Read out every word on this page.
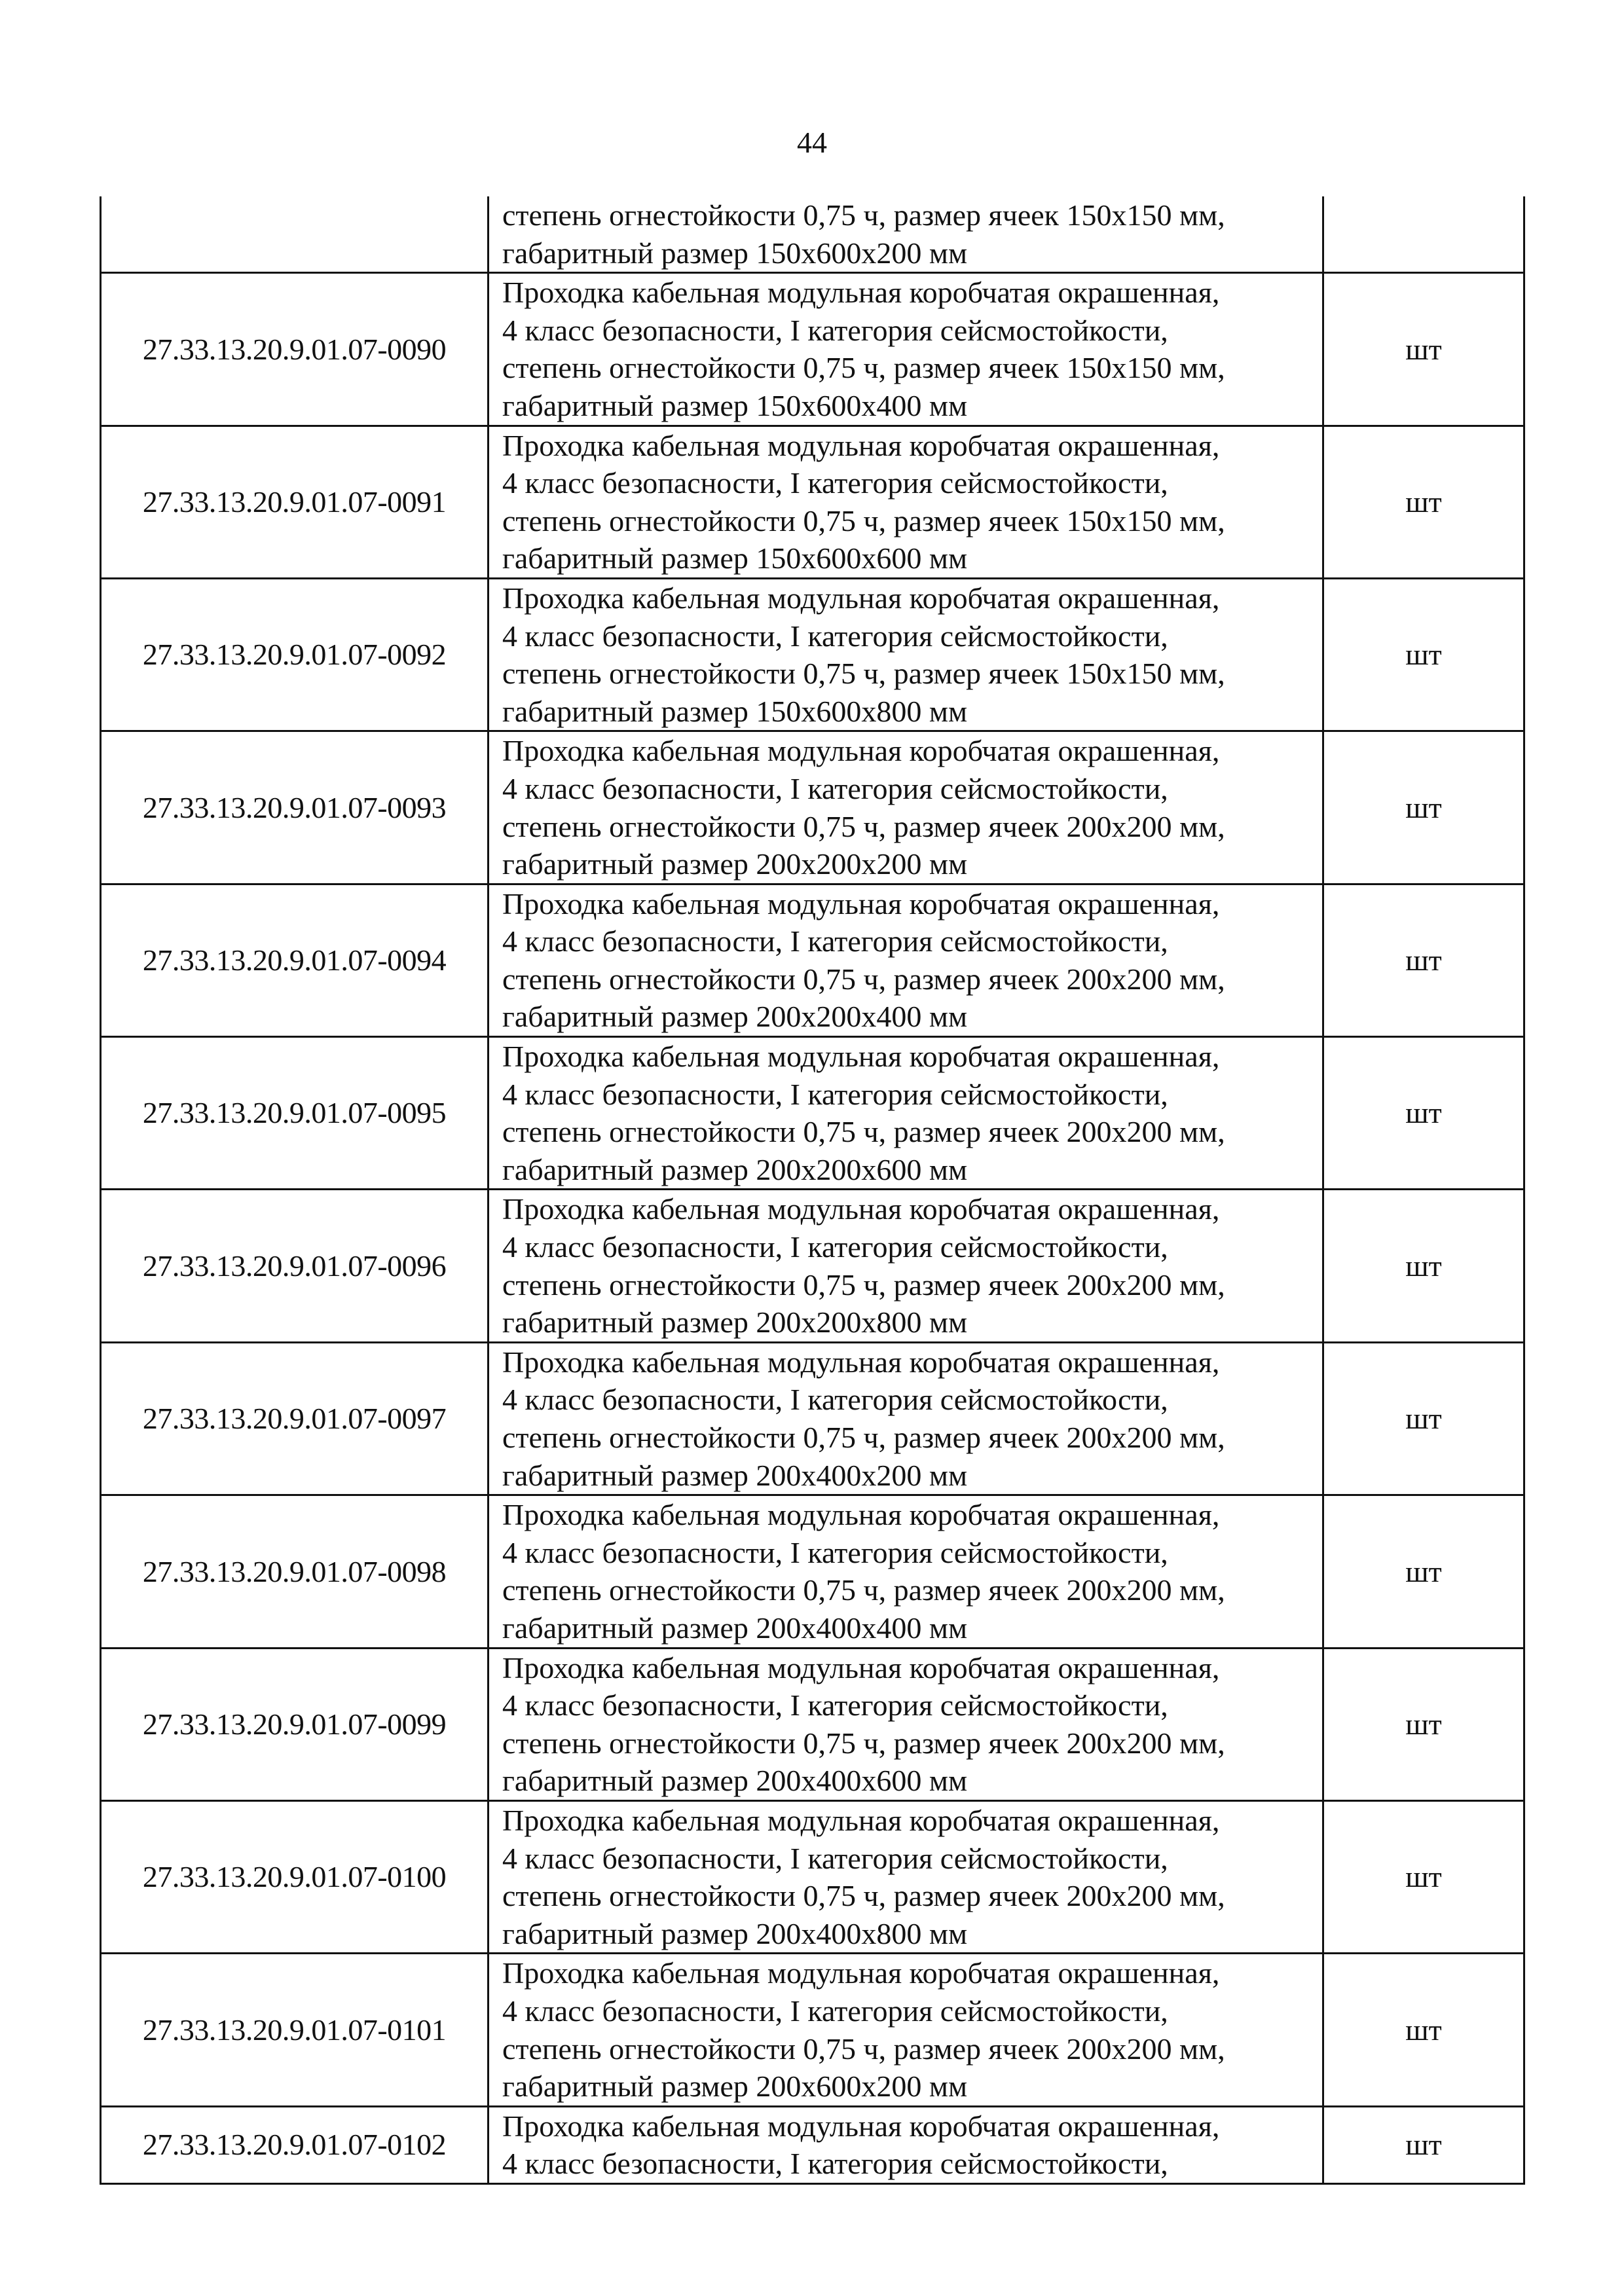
44

	степень огнестойкости 0,75 ч, размер ячеек 150x150 мм,
габаритный размер 150x600x200 мм	

27.33.13.20.9.01.07-0090	Проходка кабельная модульная коробчатая окрашенная,
4 класс безопасности, I категория сейсмостойкости,
степень огнестойкости 0,75 ч, размер ячеек 150x150 мм,
габаритный размер 150x600x400 мм	шт
27.33.13.20.9.01.07-0091	Проходка кабельная модульная коробчатая окрашенная,
4 класс безопасности, I категория сейсмостойкости,
степень огнестойкости 0,75 ч, размер ячеек 150x150 мм,
габаритный размер 150x600x600 мм	шт
27.33.13.20.9.01.07-0092	Проходка кабельная модульная коробчатая окрашенная,
4 класс безопасности, I категория сейсмостойкости,
степень огнестойкости 0,75 ч, размер ячеек 150x150 мм,
габаритный размер 150x600x800 мм	шт
27.33.13.20.9.01.07-0093	Проходка кабельная модульная коробчатая окрашенная,
4 класс безопасности, I категория сейсмостойкости,
степень огнестойкости 0,75 ч, размер ячеек 200x200 мм,
габаритный размер 200x200x200 мм	шт
27.33.13.20.9.01.07-0094	Проходка кабельная модульная коробчатая окрашенная,
4 класс безопасности, I категория сейсмостойкости,
степень огнестойкости 0,75 ч, размер ячеек 200x200 мм,
габаритный размер 200x200x400 мм	шт
27.33.13.20.9.01.07-0095	Проходка кабельная модульная коробчатая окрашенная,
4 класс безопасности, I категория сейсмостойкости,
степень огнестойкости 0,75 ч, размер ячеек 200x200 мм,
габаритный размер 200x200x600 мм	шт
27.33.13.20.9.01.07-0096	Проходка кабельная модульная коробчатая окрашенная,
4 класс безопасности, I категория сейсмостойкости,
степень огнестойкости 0,75 ч, размер ячеек 200x200 мм,
габаритный размер 200x200x800 мм	шт
27.33.13.20.9.01.07-0097	Проходка кабельная модульная коробчатая окрашенная,
4 класс безопасности, I категория сейсмостойкости,
степень огнестойкости 0,75 ч, размер ячеек 200x200 мм,
габаритный размер 200x400x200 мм	шт
27.33.13.20.9.01.07-0098	Проходка кабельная модульная коробчатая окрашенная,
4 класс безопасности, I категория сейсмостойкости,
степень огнестойкости 0,75 ч, размер ячеек 200x200 мм,
габаритный размер 200x400x400 мм	шт
27.33.13.20.9.01.07-0099	Проходка кабельная модульная коробчатая окрашенная,
4 класс безопасности, I категория сейсмостойкости,
степень огнестойкости 0,75 ч, размер ячеек 200x200 мм,
габаритный размер 200x400x600 мм	шт
27.33.13.20.9.01.07-0100	Проходка кабельная модульная коробчатая окрашенная,
4 класс безопасности, I категория сейсмостойкости,
степень огнестойкости 0,75 ч, размер ячеек 200x200 мм,
габаритный размер 200x400x800 мм	шт
27.33.13.20.9.01.07-0101	Проходка кабельная модульная коробчатая окрашенная,
4 класс безопасности, I категория сейсмостойкости,
степень огнестойкости 0,75 ч, размер ячеек 200x200 мм,
габаритный размер 200x600x200 мм	шт
27.33.13.20.9.01.07-0102	Проходка кабельная модульная коробчатая окрашенная,
4 класс безопасности, I категория сейсмостойкости,	шт
